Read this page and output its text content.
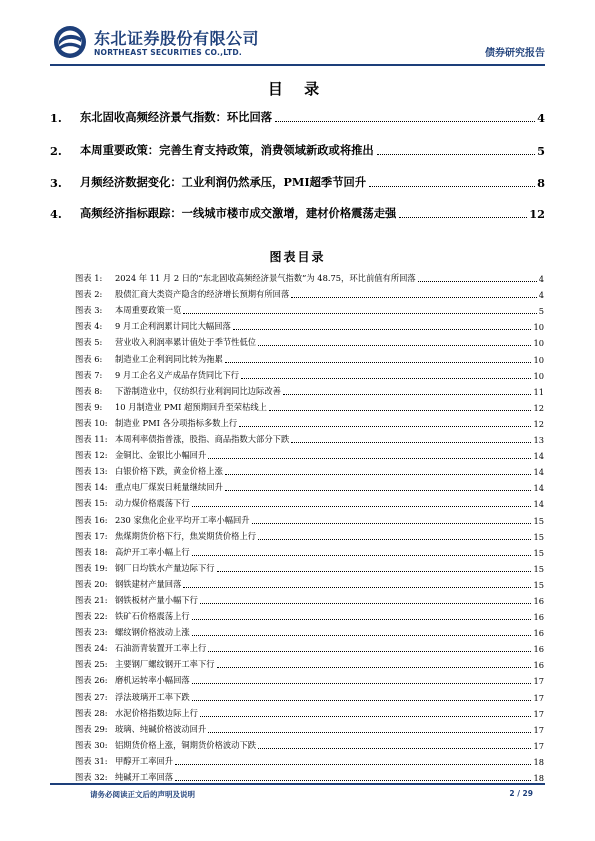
东北证券股份有限公司
NORTHEAST SECURITIES CO.,LTD.	债券研究报告
目 录
1.	东北固收高频经济景气指数：环比回落	4
2.	本周重要政策：完善生育支持政策，消费领域新政或将推出	5
3.	月频经济数据变化：工业利润仍然承压，PMI超季节回升	8
4.	高频经济指标跟踪：一线城市楼市成交激增，建材价格震荡走强	12
图表目录
图表 1:	2024 年 11 月 2 日的“东北固收高频经济景气指数”为 48.75，环比前值有所回落	4
图表 2:	股债汇商大类资产隐含的经济增长预期有所回落	4
图表 3:	本周重要政策一览	5
图表 4:	9 月工企利润累计同比大幅回落	10
图表 5:	营业收入利润率累计值处于季节性低位	10
图表 6:	制造业工企利润同比转为拖累	10
图表 7:	9 月工企名义产成品存货同比下行	10
图表 8:	下游制造业中，仅纺织行业利润同比边际改善	11
图表 9:	10 月制造业 PMI 超预期回升至荣枯线上	12
图表 10: 制造业 PMI 各分项指标多数上行	12
图表 11: 本周利率债指普涨，股指、商品指数大部分下跌	13
图表 12: 金铜比、金银比小幅回升	14
图表 13: 白银价格下跌，黄金价格上涨	14
图表 14: 重点电厂煤炭日耗量继续回升	14
图表 15: 动力煤价格震荡下行	14
图表 16: 230 家焦化企业平均开工率小幅回升	15
图表 17: 焦煤期货价格下行，焦炭期货价格上行	15
图表 18: 高炉开工率小幅上行	15
图表 19: 钢厂日均铁水产量边际下行	15
图表 20: 钢铁建材产量回落	15
图表 21: 钢铁板材产量小幅下行	16
图表 22: 铁矿石价格震荡上行	16
图表 23: 螺纹钢价格波动上涨	16
图表 24: 石油沥青装置开工率上行	16
图表 25: 主要钢厂螺纹钢开工率下行	16
图表 26: 磨机运转率小幅回落	17
图表 27: 浮法玻璃开工率下跌	17
图表 28: 水泥价格指数边际上行	17
图表 29: 玻璃、纯碱价格波动回升	17
图表 30: 铝期货价格上涨，铜期货价格波动下跌	17
图表 31: 甲醇开工率回升	18
图表 32: 纯碱开工率回落	18
请务必阅读正文后的声明及说明	2 / 29
